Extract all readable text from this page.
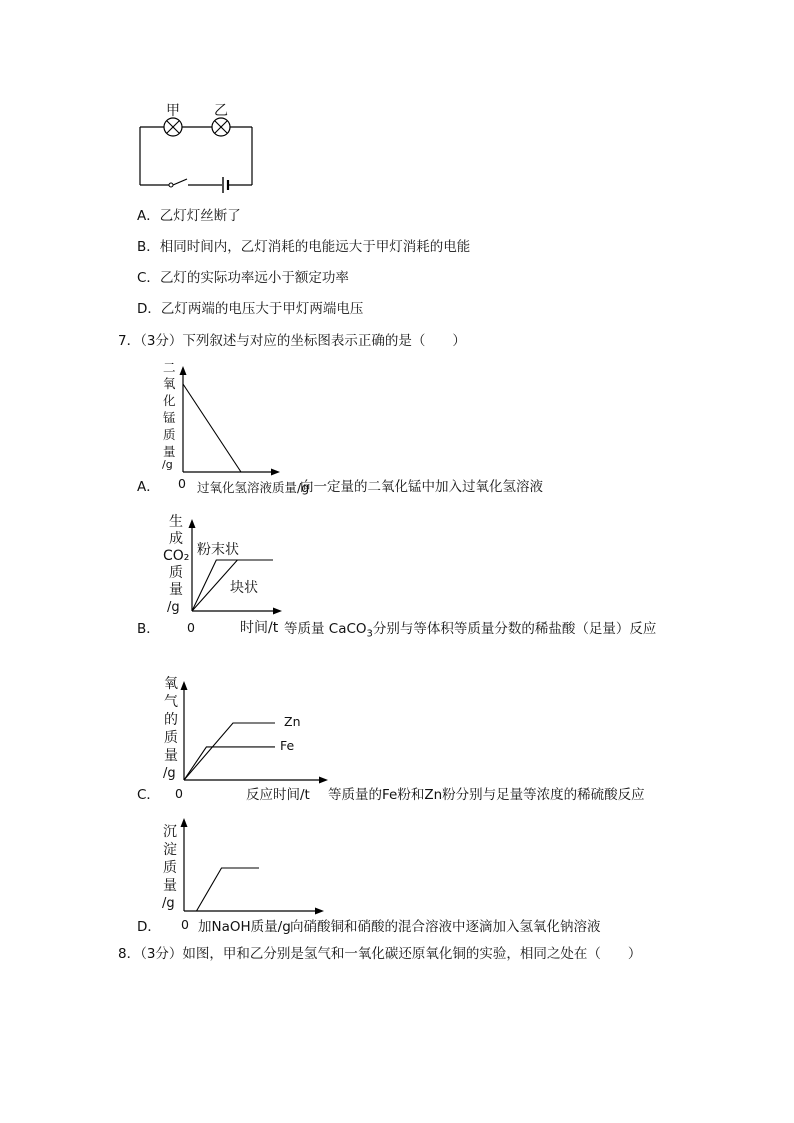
甲 乙
A．乙灯灯丝断了
B．相同时间内，乙灯消耗的电能远大于甲灯消耗的电能
C．乙灯的实际功率远小于额定功率
D．乙灯两端的电压大于甲灯两端电压
7．（3分）下列叙述与对应的坐标图表示正确的是（　　）
二
氧
化
锰
质
量
/g
A． 0 过氧化氢溶液质量/g
向一定量的二氧化锰中加入过氧化氢溶液
生
成
CO₂
质
量
/g
粉末状
块状
B． 0	时间/t 等质量 CaCO$_3$分别与等体积等质量分数的稀盐酸（足量）反应
氧
气
的
质
量
/g
Zn
Fe
C． 0	反应时间/t 等质量的Fe粉和Zn粉分别与足量等浓度的稀硫酸反应
沉
淀
质
量
/g
D． 0 加NaOH质量/g 向硝酸铜和硝酸的混合溶液中逐滴加入氢氧化钠溶液
8．（3分）如图，甲和乙分别是氢气和一氧化碳还原氧化铜的实验，相同之处在（　　）
